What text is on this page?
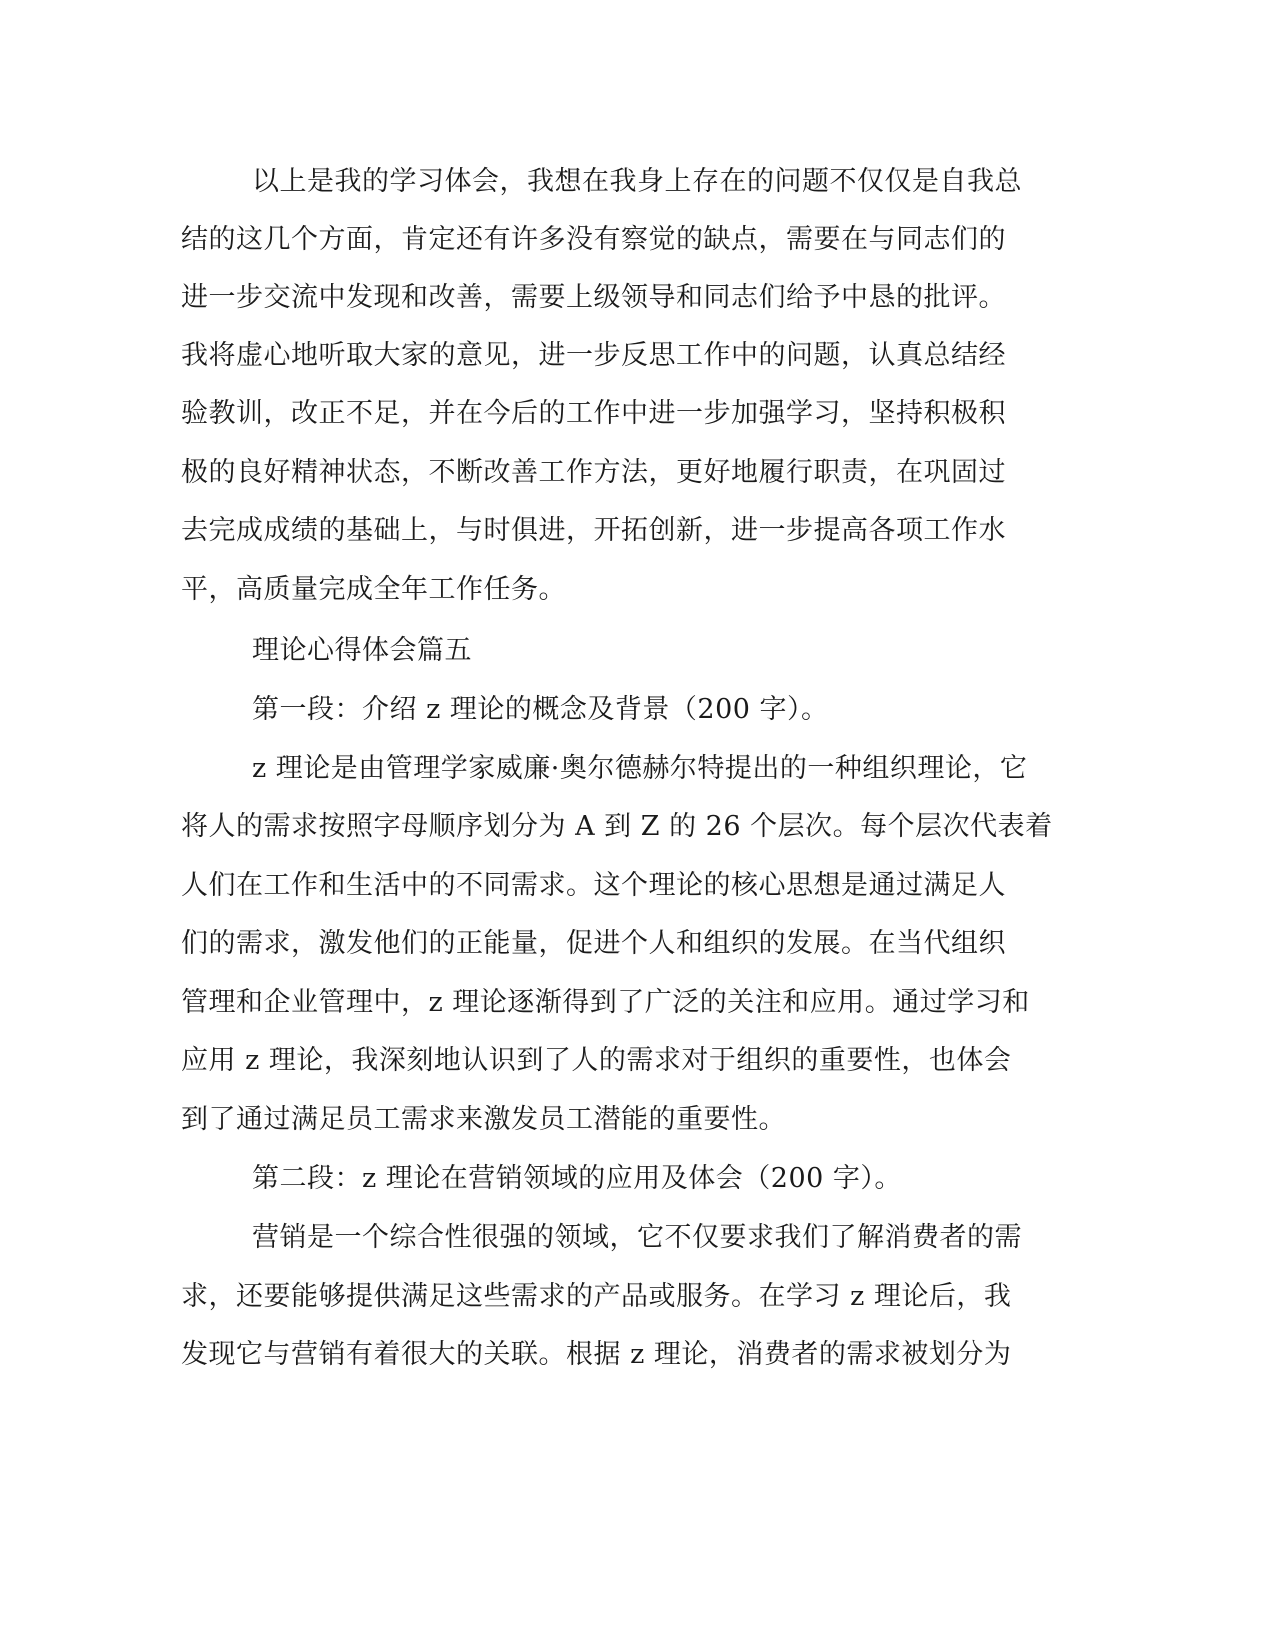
以上是我的学习体会，我想在我身上存在的问题不仅仅是自我总
结的这几个方面，肯定还有许多没有察觉的缺点，需要在与同志们的
进一步交流中发现和改善，需要上级领导和同志们给予中恳的批评。
我将虚心地听取大家的意见，进一步反思工作中的问题，认真总结经
验教训，改正不足，并在今后的工作中进一步加强学习，坚持积极积
极的良好精神状态，不断改善工作方法，更好地履行职责，在巩固过
去完成成绩的基础上，与时俱进，开拓创新，进一步提高各项工作水
平，高质量完成全年工作任务。
理论心得体会篇五
第一段：介绍 z 理论的概念及背景（200 字）。
z 理论是由管理学家威廉·奥尔德赫尔特提出的一种组织理论，它
将人的需求按照字母顺序划分为 A 到 Z 的 26 个层次。每个层次代表着
人们在工作和生活中的不同需求。这个理论的核心思想是通过满足人
们的需求，激发他们的正能量，促进个人和组织的发展。在当代组织
管理和企业管理中，z 理论逐渐得到了广泛的关注和应用。通过学习和
应用 z 理论，我深刻地认识到了人的需求对于组织的重要性，也体会
到了通过满足员工需求来激发员工潜能的重要性。
第二段：z 理论在营销领域的应用及体会（200 字）。
营销是一个综合性很强的领域，它不仅要求我们了解消费者的需
求，还要能够提供满足这些需求的产品或服务。在学习 z 理论后，我
发现它与营销有着很大的关联。根据 z 理论，消费者的需求被划分为
